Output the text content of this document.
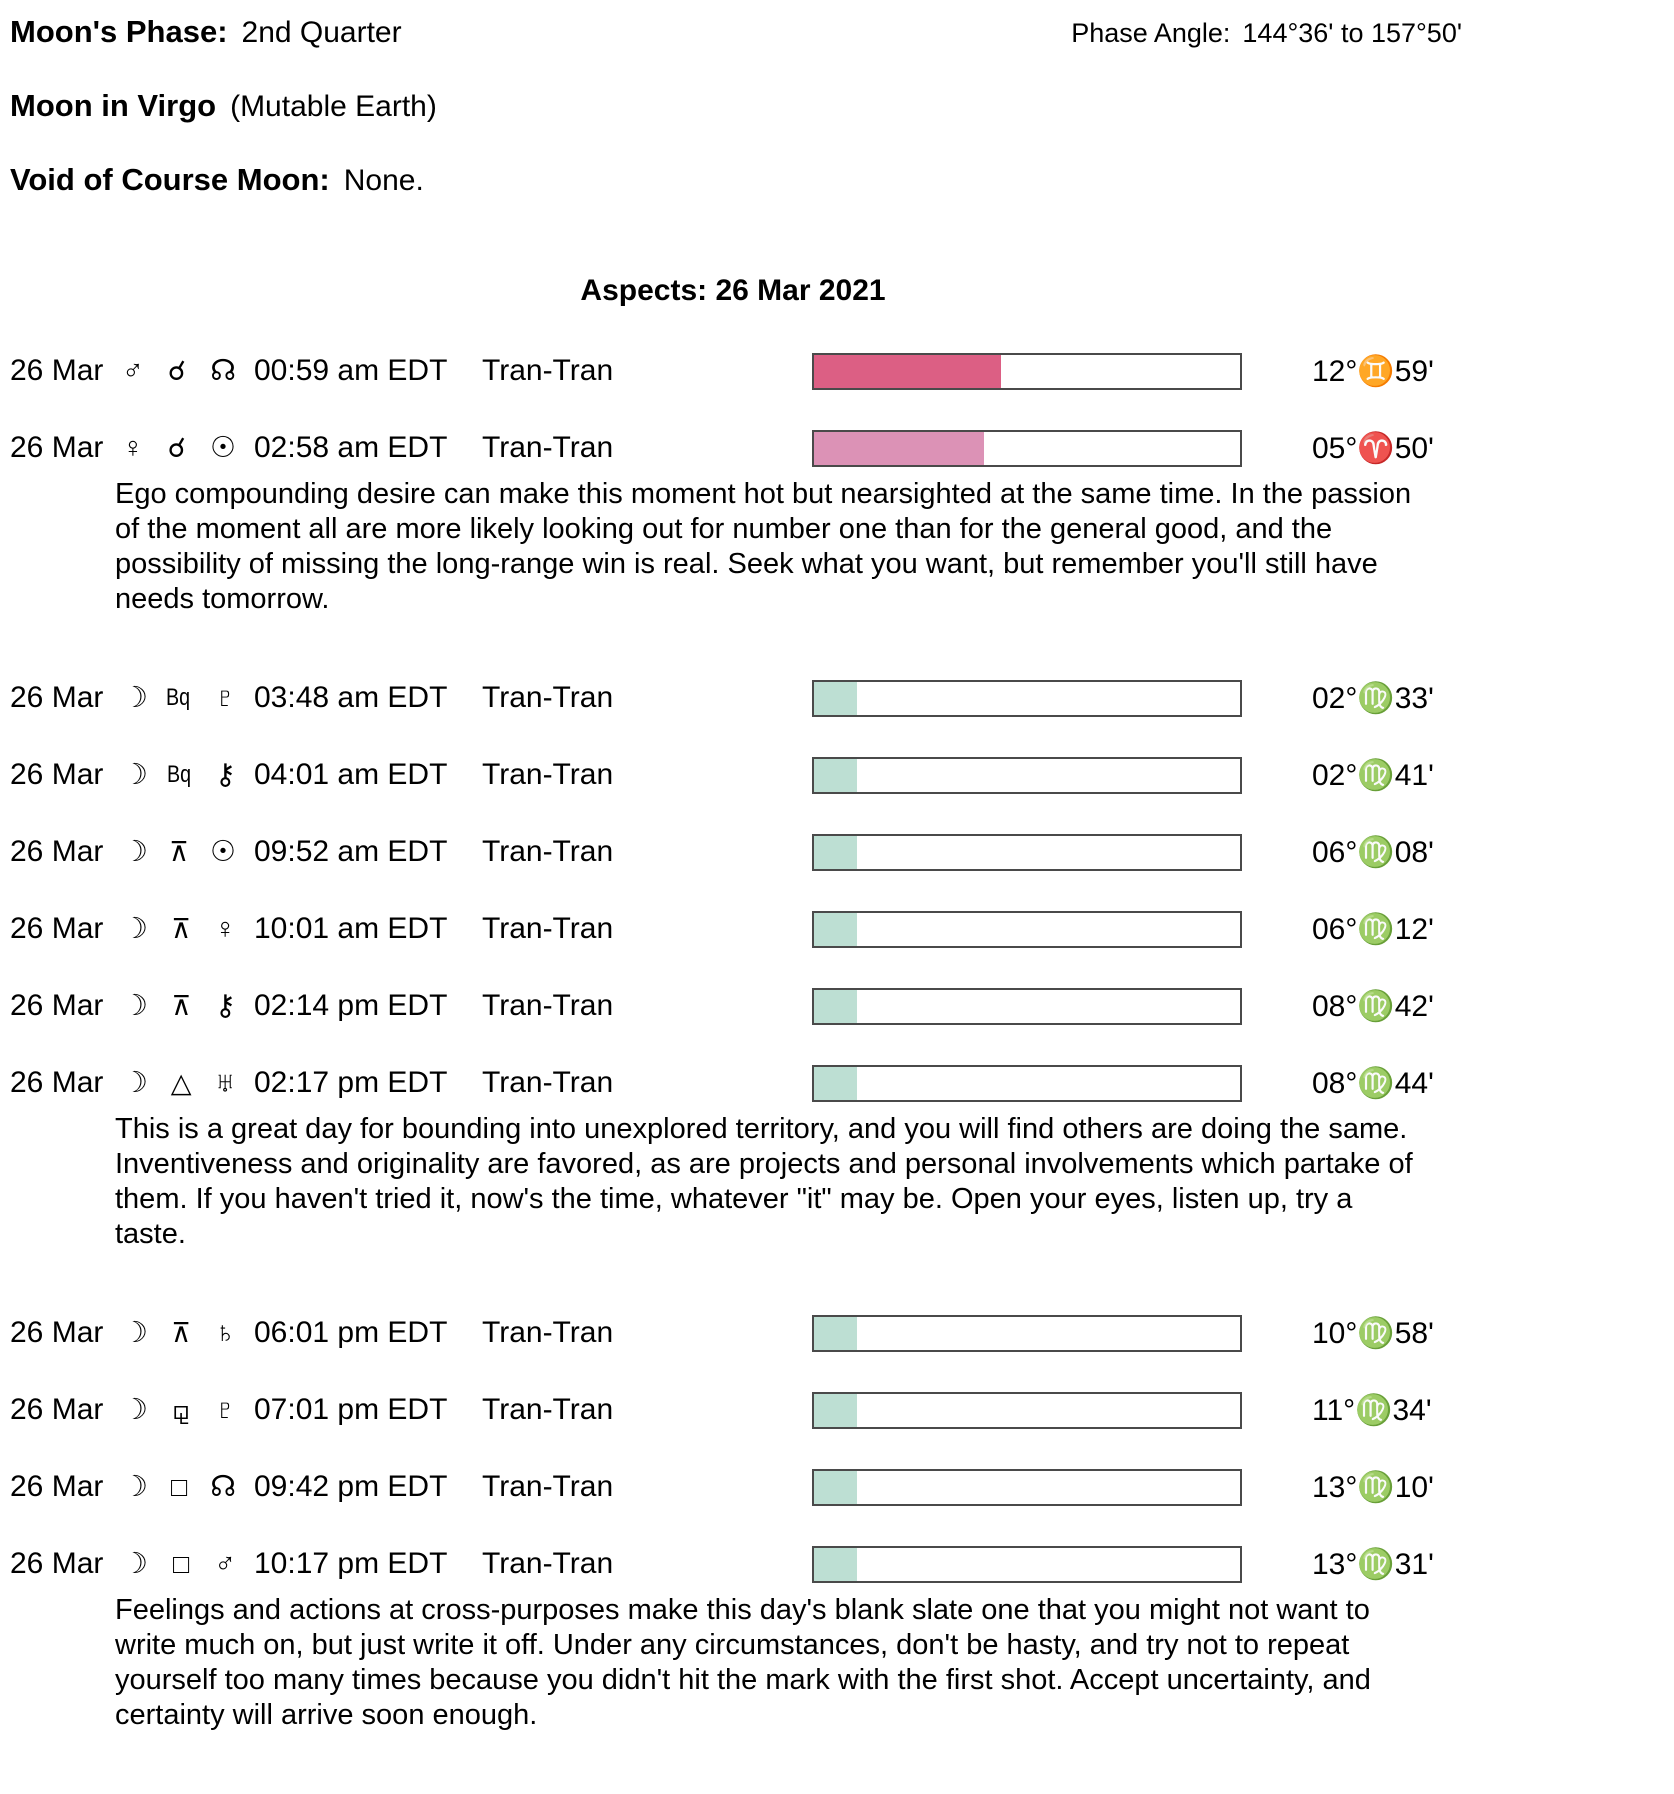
Moon's Phase: 2nd Quarter	Phase Angle: 144°36' to 157°50'
Moon in Virgo (Mutable Earth)
Void of Course Moon: None.
Aspects: 26 Mar 2021
26 Mar ♂ ☌ ☊ 00:59 am EDT	Tran-Tran	12°♊59'
26 Mar ♀ ☌ ☉ 02:58 am EDT	Tran-Tran	05°♈50'
Ego compounding desire can make this moment hot but nearsighted at the same time. In the passion of the moment all are more likely looking out for number one than for the general good, and the possibility of missing the long-range win is real. Seek what you want, but remember you'll still have needs tomorrow.
26 Mar ☽ Bq ♇ 03:48 am EDT	Tran-Tran	02°♍33'
26 Mar ☽ Bq ⚷ 04:01 am EDT	Tran-Tran	02°♍41'
26 Mar ☽ ⊼ ☉ 09:52 am EDT	Tran-Tran	06°♍08'
26 Mar ☽ ⊼ ♀ 10:01 am EDT	Tran-Tran	06°♍12'
26 Mar ☽ ⊼ ⚷ 02:14 pm EDT	Tran-Tran	08°♍42'
26 Mar ☽ △ ♅ 02:17 pm EDT	Tran-Tran	08°♍44'
This is a great day for bounding into unexplored territory, and you will find others are doing the same. Inventiveness and originality are favored, as are projects and personal involvements which partake of them. If you haven't tried it, now's the time, whatever "it" may be. Open your eyes, listen up, try a taste.
26 Mar ☽ ⊼ ♄ 06:01 pm EDT	Tran-Tran	10°♍58'
26 Mar ☽ ⚼ ♇ 07:01 pm EDT	Tran-Tran	11°♍34'
26 Mar ☽ □ ☊ 09:42 pm EDT	Tran-Tran	13°♍10'
26 Mar ☽ □ ♂ 10:17 pm EDT	Tran-Tran	13°♍31'
Feelings and actions at cross-purposes make this day's blank slate one that you might not want to write much on, but just write it off. Under any circumstances, don't be hasty, and try not to repeat yourself too many times because you didn't hit the mark with the first shot. Accept uncertainty, and certainty will arrive soon enough.
